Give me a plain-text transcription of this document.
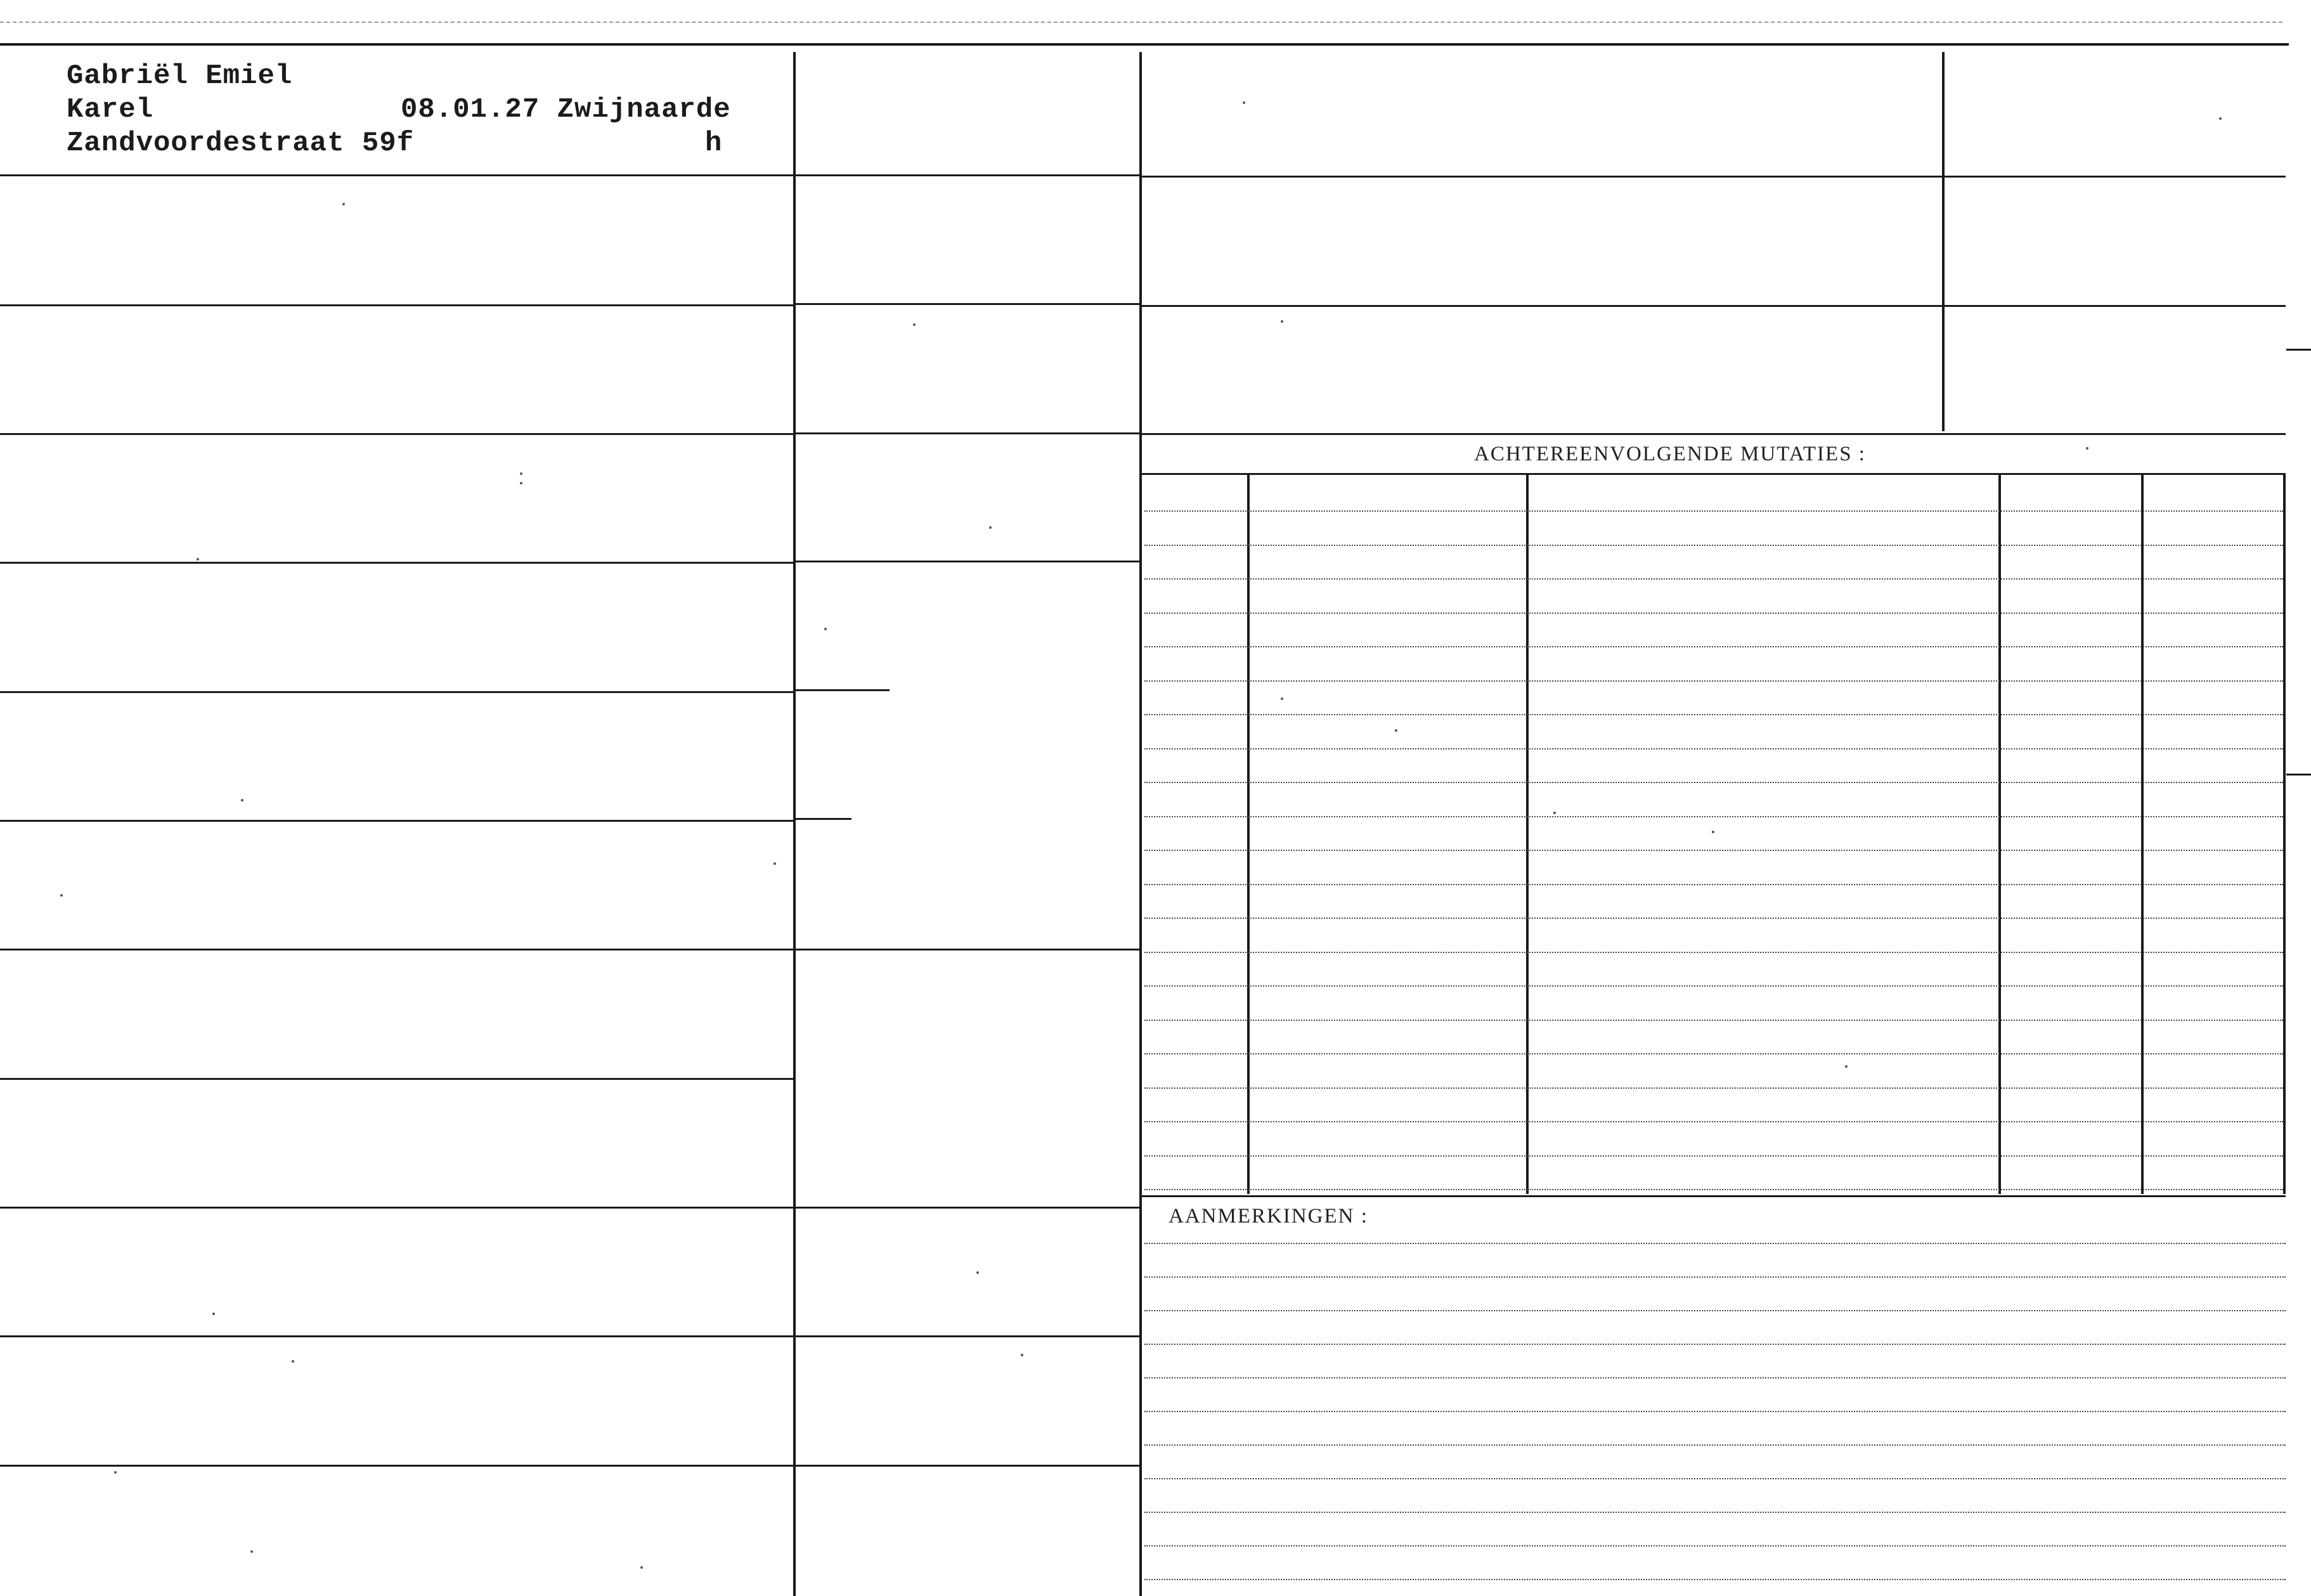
Gabriël Emiel
Karel	08.01.27 Zwijnaarde
Zandvoordestraat 59f	h
ACHTEREENVOLGENDE MUTATIES :
AANMERKINGEN :
